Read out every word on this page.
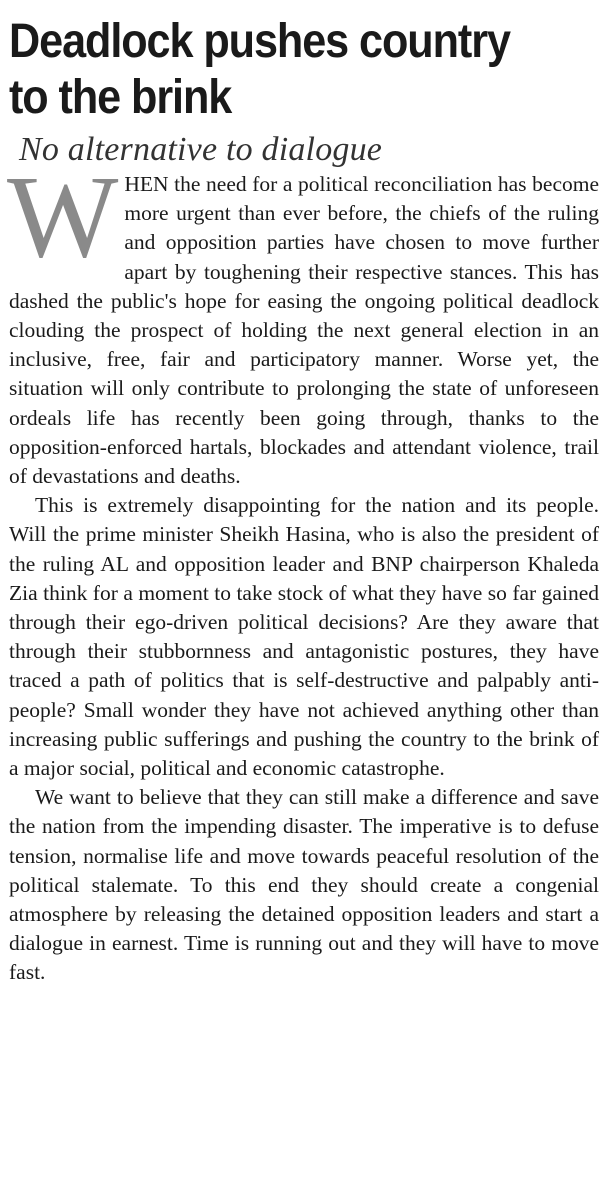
Deadlock pushes country
to the brink
No alternative to dialogue

WHEN the need for a political reconciliation has become more urgent than ever before, the chiefs of the ruling and opposition parties have chosen to move further apart by toughening their respective stances. This has dashed the public's hope for easing the ongoing political deadlock clouding the prospect of holding the next general election in an inclusive, free, fair and participatory manner. Worse yet, the situation will only contribute to prolonging the state of unforeseen ordeals life has recently been going through, thanks to the opposition-enforced hartals, blockades and attendant violence, trail of devastations and deaths.

This is extremely disappointing for the nation and its people. Will the prime minister Sheikh Hasina, who is also the president of the ruling AL and opposition leader and BNP chairperson Khaleda Zia think for a moment to take stock of what they have so far gained through their ego-driven political decisions? Are they aware that through their stubbornness and antagonistic postures, they have traced a path of politics that is self-destructive and palpably anti-people? Small wonder they have not achieved anything other than increasing public sufferings and pushing the country to the brink of a major social, political and economic catastrophe.

We want to believe that they can still make a difference and save the nation from the impending disaster. The imperative is to defuse tension, normalise life and move towards peaceful resolution of the political stalemate. To this end they should create a congenial atmosphere by releasing the detained opposition leaders and start a dialogue in earnest. Time is running out and they will have to move fast.
